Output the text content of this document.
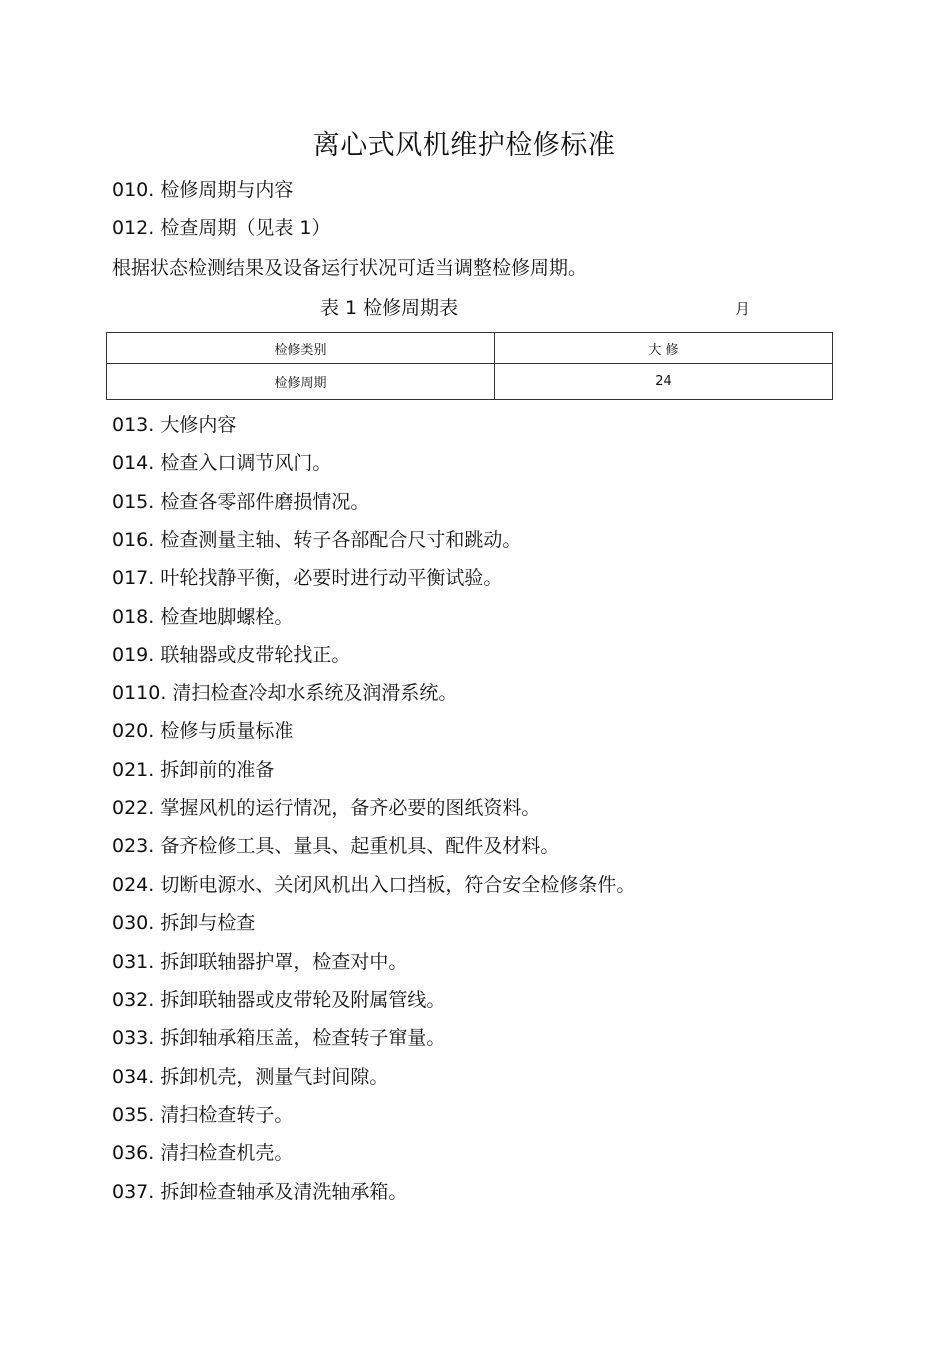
离心式风机维护检修标准
010. 检修周期与内容
012. 检查周期（见表 1）
根据状态检测结果及设备运行状况可适当调整检修周期。
表 1 检修周期表	月
检修类别	大 修
检修周期	24
013. 大修内容
014. 检查入口调节风门。
015. 检查各零部件磨损情况。
016. 检查测量主轴、转子各部配合尺寸和跳动。
017. 叶轮找静平衡，必要时进行动平衡试验。
018. 检查地脚螺栓。
019. 联轴器或皮带轮找正。
0110. 清扫检查冷却水系统及润滑系统。
020. 检修与质量标准
021. 拆卸前的准备
022. 掌握风机的运行情况，备齐必要的图纸资料。
023. 备齐检修工具、量具、起重机具、配件及材料。
024. 切断电源水、关闭风机出入口挡板，符合安全检修条件。
030. 拆卸与检查
031. 拆卸联轴器护罩，检查对中。
032. 拆卸联轴器或皮带轮及附属管线。
033. 拆卸轴承箱压盖，检查转子窜量。
034. 拆卸机壳，测量气封间隙。
035. 清扫检查转子。
036. 清扫检查机壳。
037. 拆卸检查轴承及清洗轴承箱。
